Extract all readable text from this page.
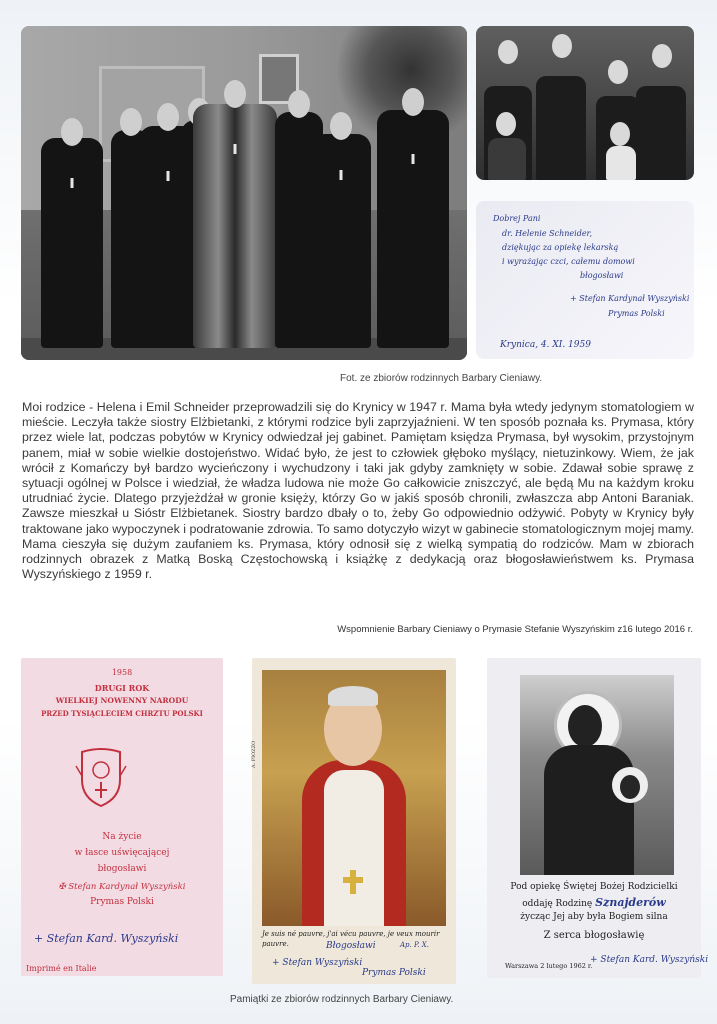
Dobrej Pani
dr. Helenie Schneider,
dziękując za opiekę lekarską
i wyrażając czci, całemu domowi
błogosławi
+ Stefan Kardynał Wyszyński
Prymas Polski
Krynica, 4. XI. 1959
Fot. ze zbiorów rodzinnych Barbary Cieniawy.

Moi rodzice - Helena i Emil Schneider przeprowadzili się do Krynicy w 1947 r. Mama była wtedy jedynym stomatologiem w mieście. Leczyła także siostry Elżbietanki, z którymi rodzice byli zaprzyjaźnieni. W ten sposób poznała ks. Prymasa, który przez wiele lat, podczas pobytów w Krynicy odwiedzał jej gabinet. Pamiętam księdza Prymasa, był wysokim, przystojnym panem, miał w sobie wielkie dostojeństwo. Widać było, że jest to człowiek głęboko myślący, nietuzinkowy. Wiem, że jak wrócił z Komańczy był bardzo wycieńczony i wychudzony i taki jak gdyby zamknięty w sobie. Zdawał sobie sprawę z sytuacji ogólnej w Polsce i wiedział, że władza ludowa nie może Go całkowicie zniszczyć, ale będą Mu na każdym kroku utrudniać życie. Dlatego przyjeżdżał w gronie księży, którzy Go w jakiś sposób chronili, zwłaszcza abp Antoni Baraniak. Zawsze mieszkał u Sióstr Elżbietanek. Siostry bardzo dbały o to, żeby Go odpowiednio odżywić. Pobyty w Krynicy były traktowane jako wypoczynek i podratowanie zdrowia. To samo dotyczyło wizyt w gabinecie stomatologicznym mojej mamy. Mama cieszyła się dużym zaufaniem ks. Prymasa, który odnosił się z wielką sympatią do rodziców. Mam w zbiorach rodzinnych obrazek z Matką Boską Częstochowską i książkę z dedykacją oraz błogosławieństwem ks. Prymasa Wyszyńskiego z 1959 r.

Wspomnienie Barbary Cieniawy o Prymasie Stefanie Wyszyńskim z16 lutego 2016 r.
1958
DRUGI ROK
WIELKIEJ NOWENNY NARODU
PRZED TYSIĄCLECIEM CHRZTU POLSKI
Na życie
w łasce uświęcającej
błogosławi
✠ Stefan Kardynał Wyszyński
Prymas Polski
+ Stefan Kard. Wyszyński
Imprimé en Italie
A. PIOZZO
Je suis né pauvre, j'ai vécu pauvre, je veux mourir
pauvre.	Błogosławi	Ap. P. X.
+ Stefan Wyszyński
Prymas Polski
Pod opiekę Świętej Bożej Rodzicielki
oddaję Rodzinę Sznajderów
życząc Jej aby była Bogiem silna
Z serca błogosławię
Warszawa 2 lutego 1962 r.
+ Stefan Kard. Wyszyński
Pamiątki ze zbiorów rodzinnych Barbary Cieniawy.
